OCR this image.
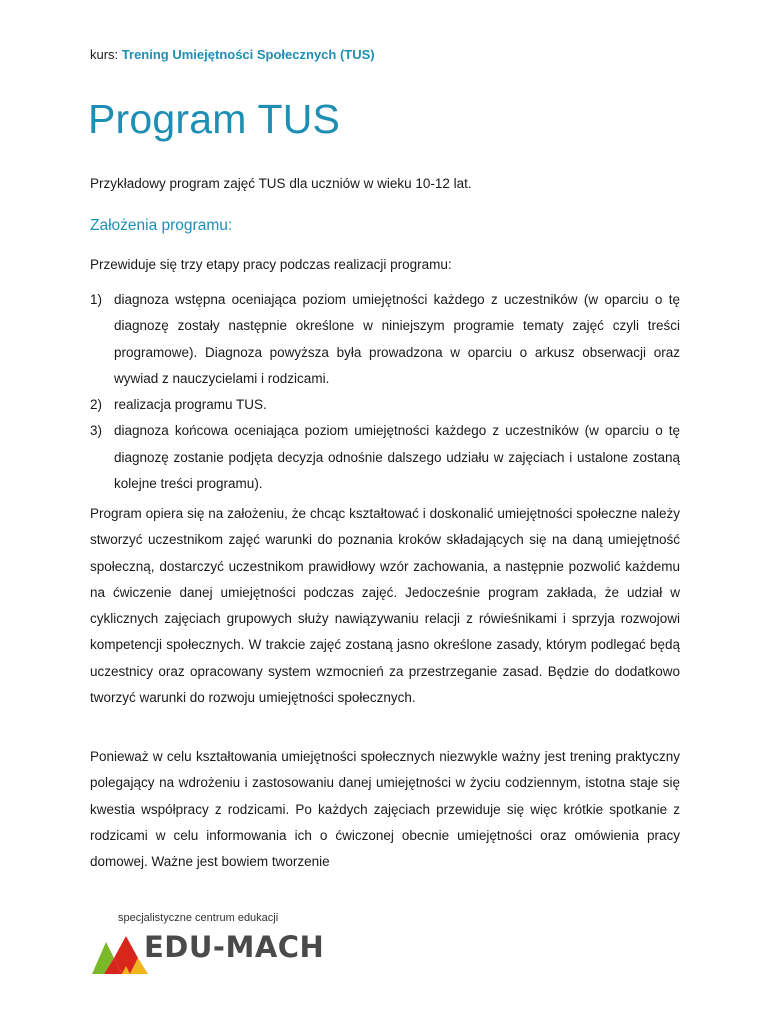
kurs: Trening Umiejętności Społecznych (TUS)
Program TUS

Przykładowy program zajęć TUS dla uczniów w wieku 10-12 lat.

Założenia programu:

Przewiduje się trzy etapy pracy podczas realizacji programu:

1) diagnoza wstępna oceniająca poziom umiejętności każdego z uczestników (w oparciu o tę diagnozę zostały następnie określone w niniejszym programie tematy zajęć czyli treści programowe). Diagnoza powyższa była prowadzona w oparciu o arkusz obserwacji oraz wywiad z nauczycielami i rodzicami.
2) realizacja programu TUS.
3) diagnoza końcowa oceniająca poziom umiejętności każdego z uczestników (w oparciu o tę diagnozę zostanie podjęta decyzja odnośnie dalszego udziału w zajęciach i ustalone zostaną kolejne treści programu).

Program opiera się na założeniu, że chcąc kształtować i doskonalić umiejętności społeczne należy stworzyć uczestnikom zajęć warunki do poznania kroków składających się na daną umiejętność społeczną, dostarczyć uczestnikom prawidłowy wzór zachowania, a następnie pozwolić każdemu na ćwiczenie danej umiejętności podczas zajęć. Jedocześnie program zakłada, że udział w cyklicznych zajęciach grupowych służy nawiązywaniu relacji z rówieśnikami i sprzyja rozwojowi kompetencji społecznych. W trakcie zajęć zostaną jasno określone zasady, którym podlegać będą uczestnicy oraz opracowany system wzmocnień za przestrzeganie zasad. Będzie do dodatkowo tworzyć warunki do rozwoju umiejętności społecznych.

Ponieważ w celu kształtowania umiejętności społecznych niezwykle ważny jest trening praktyczny polegający na wdrożeniu i zastosowaniu danej umiejętności w życiu codziennym, istotna staje się kwestia współpracy z rodzicami. Po każdych zajęciach przewiduje się więc krótkie spotkanie z rodzicami w celu informowania ich o ćwiczonej obecnie umiejętności oraz omówienia pracy domowej. Ważne jest bowiem tworzenie

specjalistyczne centrum edukacji
EDU-MACH
